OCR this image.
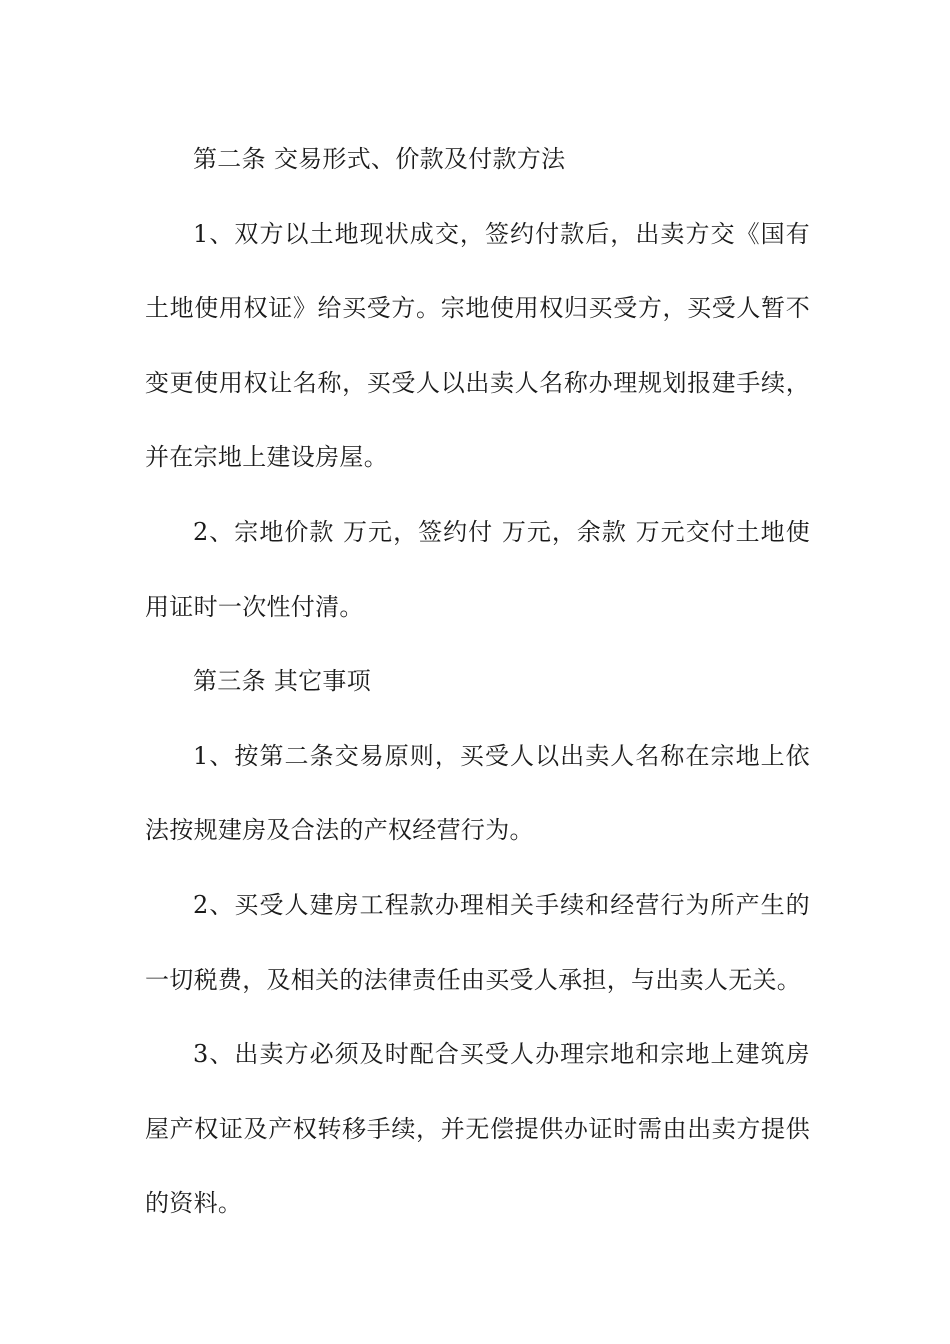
第二条 交易形式、价款及付款方法

1、双方以土地现状成交，签约付款后，出卖方交《国有土地使用权证》给买受方。宗地使用权归买受方，买受人暂不变更使用权让名称，买受人以出卖人名称办理规划报建手续，并在宗地上建设房屋。

2、宗地价款 万元，签约付 万元，余款 万元交付土地使用证时一次性付清。

第三条 其它事项

1、按第二条交易原则，买受人以出卖人名称在宗地上依法按规建房及合法的产权经营行为。

2、买受人建房工程款办理相关手续和经营行为所产生的一切税费，及相关的法律责任由买受人承担，与出卖人无关。

3、出卖方必须及时配合买受人办理宗地和宗地上建筑房屋产权证及产权转移手续，并无偿提供办证时需由出卖方提供的资料。
